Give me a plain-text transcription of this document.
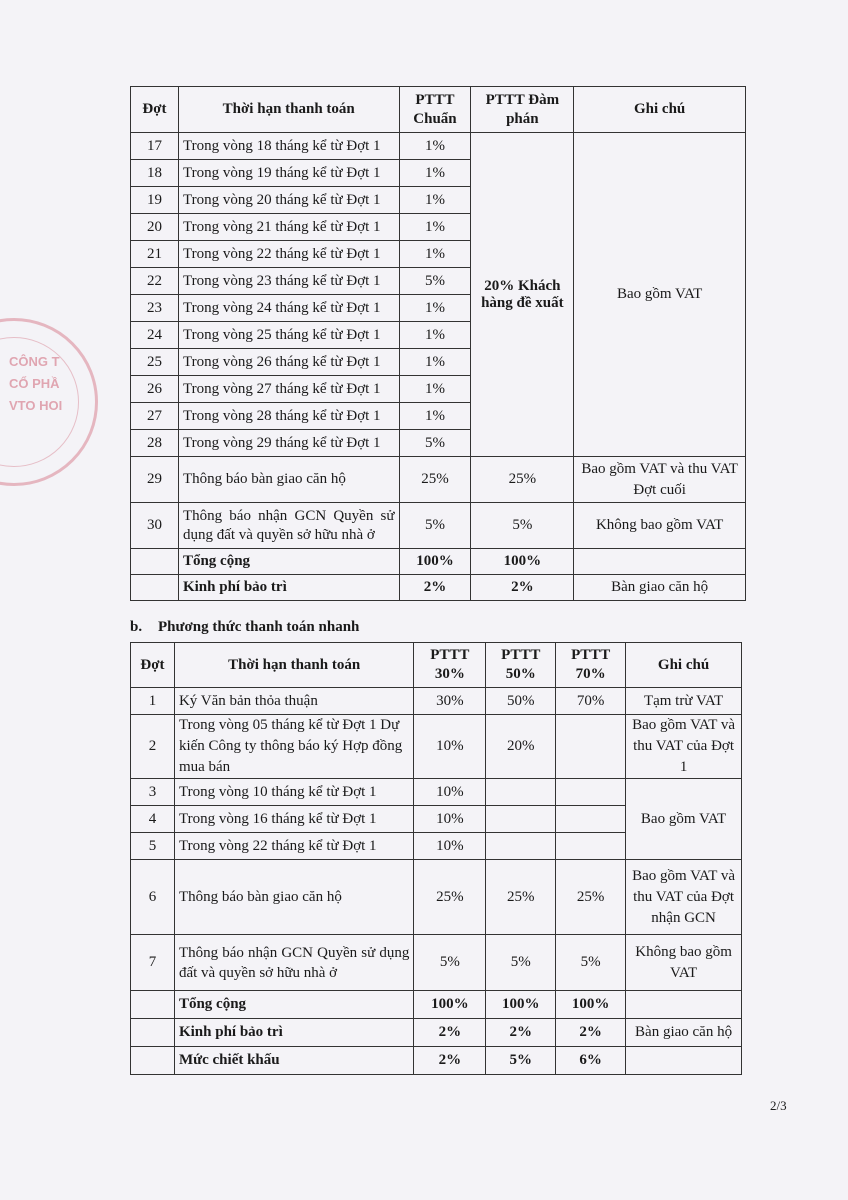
CÔNG T
CỔ PHẦ
VTO HOI
Đợt	Thời hạn thanh toán	PTTT Chuẩn	PTTT Đàm phán	Ghi chú
17	Trong vòng 18 tháng kể từ Đợt 1	1%	20% Khách hàng đề xuất	Bao gồm VAT
18	Trong vòng 19 tháng kể từ Đợt 1	1%		
19	Trong vòng 20 tháng kể từ Đợt 1	1%		
20	Trong vòng 21 tháng kể từ Đợt 1	1%		
21	Trong vòng 22 tháng kể từ Đợt 1	1%		
22	Trong vòng 23 tháng kể từ Đợt 1	5%		
23	Trong vòng 24 tháng kể từ Đợt 1	1%		
24	Trong vòng 25 tháng kể từ Đợt 1	1%		
25	Trong vòng 26 tháng kể từ Đợt 1	1%		
26	Trong vòng 27 tháng kể từ Đợt 1	1%		
27	Trong vòng 28 tháng kể từ Đợt 1	1%		
28	Trong vòng 29 tháng kể từ Đợt 1	5%		
29	Thông báo bàn giao căn hộ	25%	25%	Bao gồm VAT và thu VAT Đợt cuối
30	Thông báo nhận GCN Quyền sử dụng đất và quyền sở hữu nhà ở	5%	5%	Không bao gồm VAT
	Tổng cộng	100%	100%	
	Kinh phí bảo trì	2%	2%	Bàn giao căn hộ
b. Phương thức thanh toán nhanh
Đợt	Thời hạn thanh toán	PTTT 30%	PTTT 50%	PTTT 70%	Ghi chú
1	Ký Văn bản thỏa thuận	30%	50%	70%	Tạm trừ VAT
2	Trong vòng 05 tháng kể từ Đợt 1 Dự kiến Công ty thông báo ký Hợp đồng mua bán	10%	20%		Bao gồm VAT và thu VAT của Đợt 1
3	Trong vòng 10 tháng kể từ Đợt 1	10%			Bao gồm VAT
4	Trong vòng 16 tháng kể từ Đợt 1	10%			
5	Trong vòng 22 tháng kể từ Đợt 1	10%			
6	Thông báo bàn giao căn hộ	25%	25%	25%	Bao gồm VAT và thu VAT của Đợt nhận GCN
7	Thông báo nhận GCN Quyền sử dụng đất và quyền sở hữu nhà ở	5%	5%	5%	Không bao gồm VAT
	Tổng cộng	100%	100%	100%	
	Kinh phí bảo trì	2%	2%	2%	Bàn giao căn hộ
	Mức chiết khấu	2%	5%	6%	
2/3
